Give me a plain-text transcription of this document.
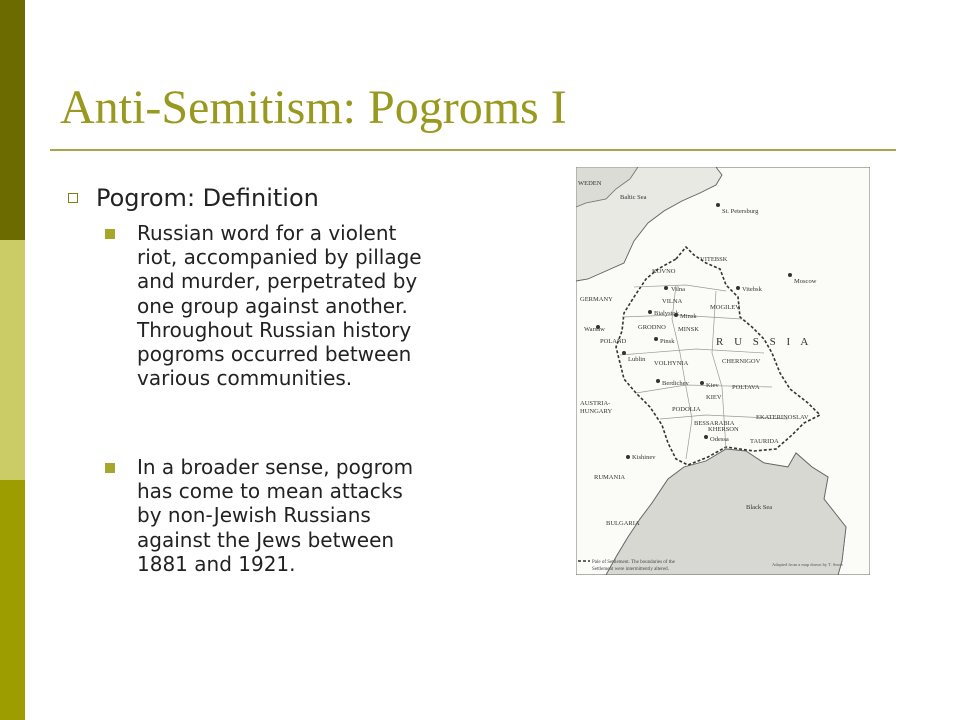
Anti-Semitism: Pogroms I
Pogrom: Definition
Russian word for a violent
riot, accompanied by pillage
and murder, perpetrated by
one group against another.
Throughout Russian history
pogroms occurred between
various communities.
In a broader sense, pogrom
has come to mean attacks
by non-Jewish Russians
against the Jews between
1881 and 1921.
WEDEN
Baltic Sea
St. Petersburg
KOVNO
VITEBSK
Moscow
Vilna	Vitebsk
GERMANY	VILNA
MOGILEV
Bialystok Minsk
Warsaw	GRODNO MINSK
R U S S I A
POLAND	Pinsk
CHERNIGOV
Lublin
VOLHYNIA
Berdichev	Kiev POLTAVA
AUSTRIA-
HUNGARY
KIEV
PODOLIA
EKATERINOSLAV
BESSARABIA
Kishinev
KHERSON
Odessa	TAURIDA
RUMANIA
Black Sea
BULGARIA
Pale of Settlement. The boundaries of the
Settlement were intermittently altered.
Adapted from a map drawn by T. Snow
